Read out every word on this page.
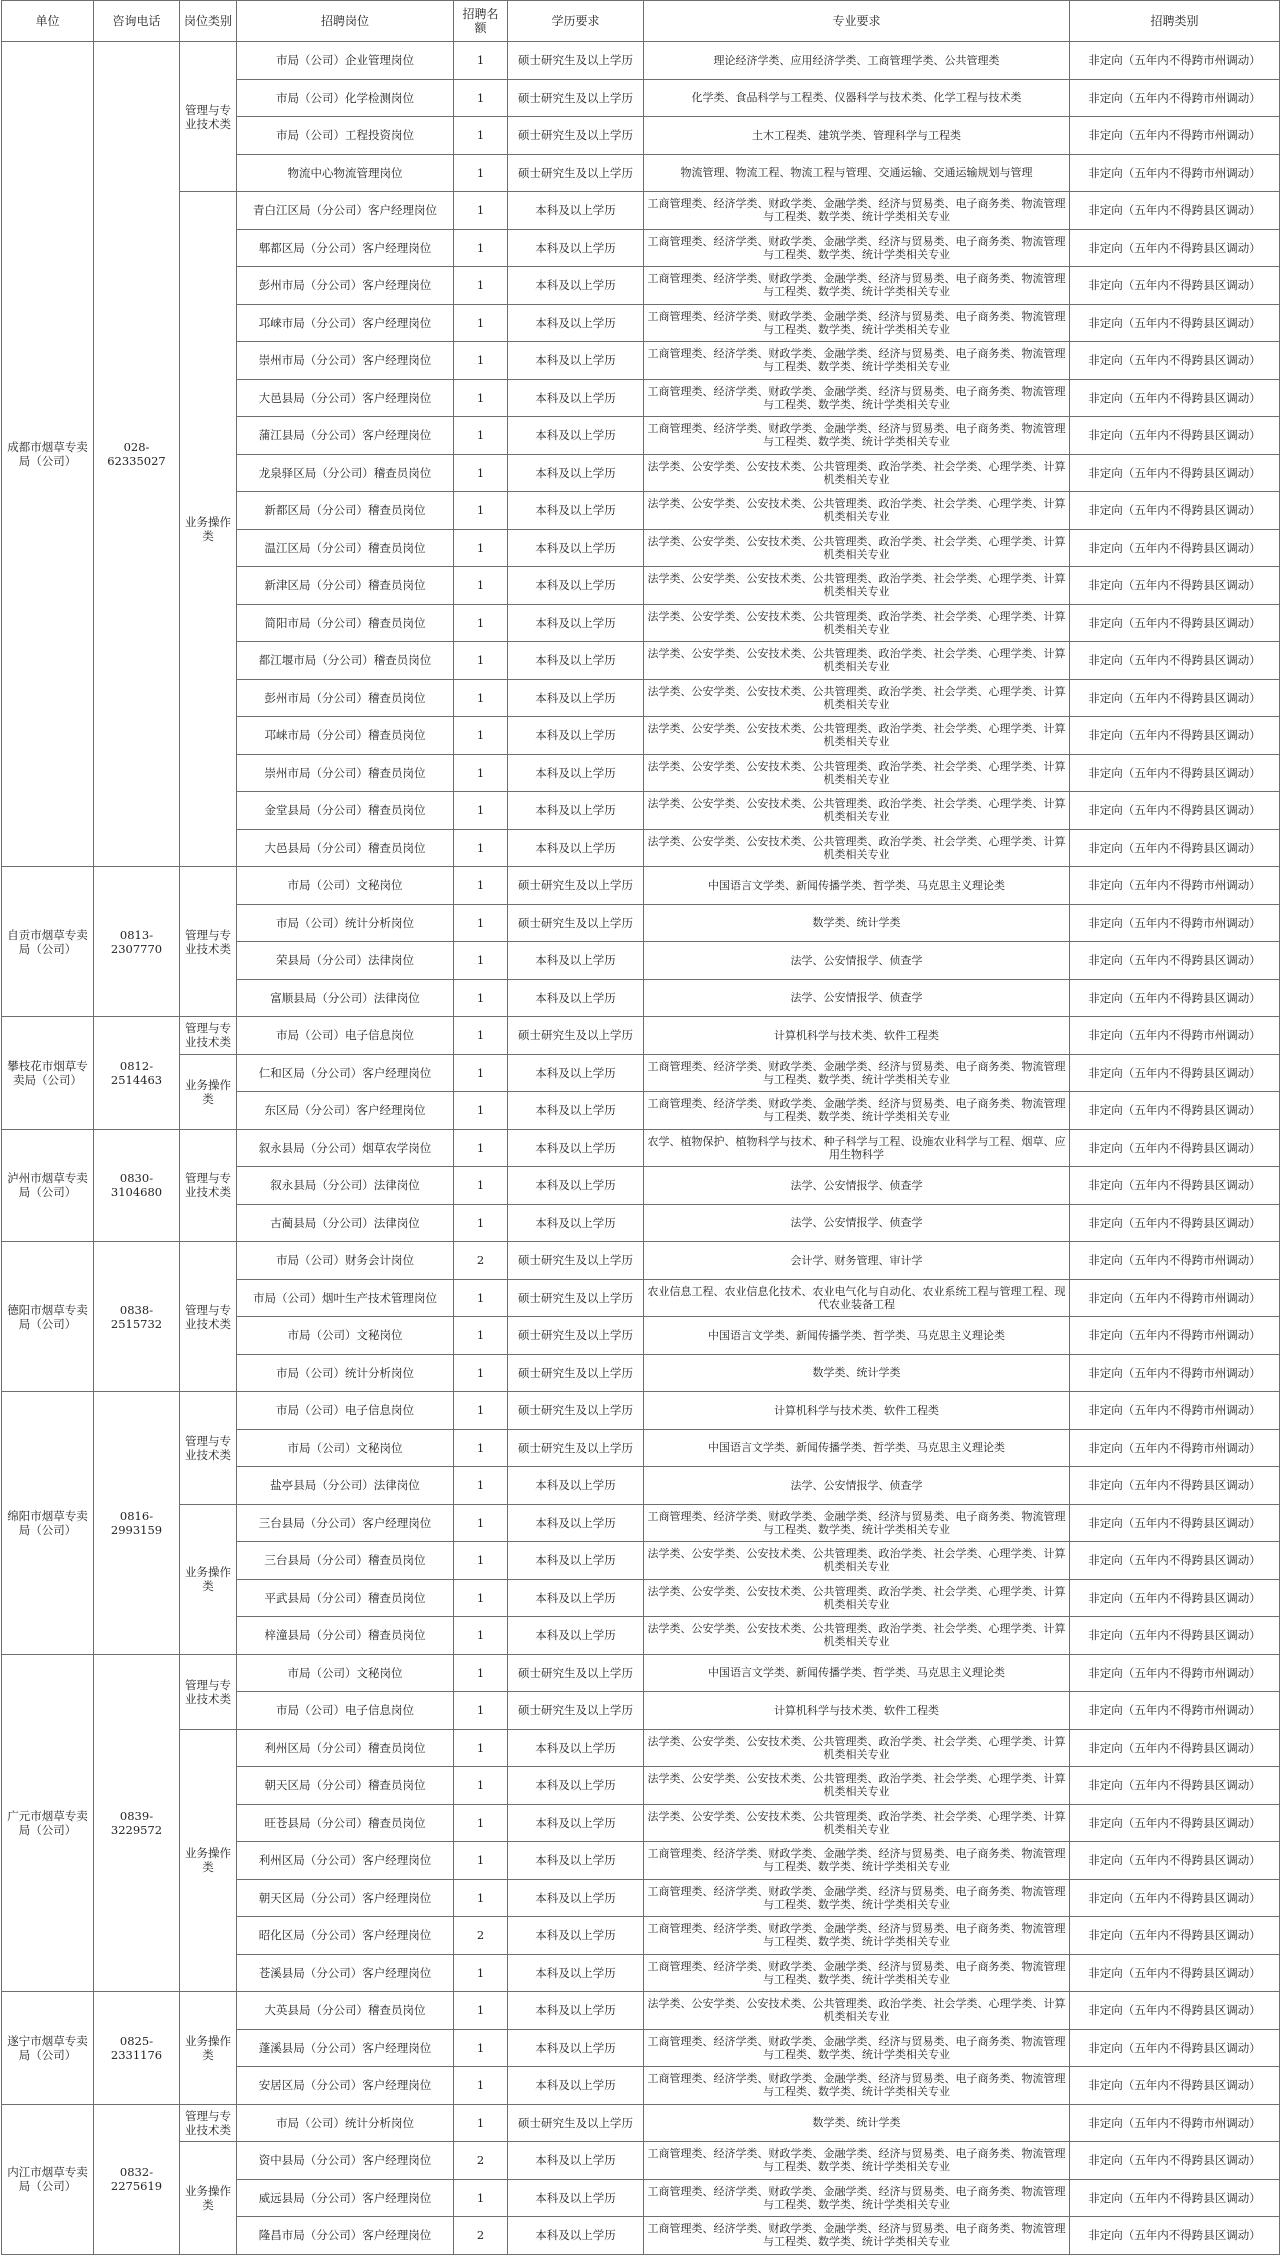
单位	咨询电话	岗位类别	招聘岗位	招聘名额	学历要求	专业要求	招聘类别
成都市烟草专卖局（公司）	028-62335027	管理与专业技术类	市局（公司）企业管理岗位	1	硕士研究生及以上学历	理论经济学类、应用经济学类、工商管理学类、公共管理类	非定向（五年内不得跨市州调动）
			市局（公司）化学检测岗位	1	硕士研究生及以上学历	化学类、食品科学与工程类、仪器科学与技术类、化学工程与技术类	非定向（五年内不得跨市州调动）
			市局（公司）工程投资岗位	1	硕士研究生及以上学历	土木工程类、建筑学类、管理科学与工程类	非定向（五年内不得跨市州调动）
			物流中心物流管理岗位	1	硕士研究生及以上学历	物流管理、物流工程、物流工程与管理、交通运输、交通运输规划与管理	非定向（五年内不得跨市州调动）
		业务操作类	青白江区局（分公司）客户经理岗位	1	本科及以上学历	工商管理类、经济学类、财政学类、金融学类、经济与贸易类、电子商务类、物流管理与工程类、数学类、统计学类相关专业	非定向（五年内不得跨县区调动）
			郫都区局（分公司）客户经理岗位	1	本科及以上学历	工商管理类、经济学类、财政学类、金融学类、经济与贸易类、电子商务类、物流管理与工程类、数学类、统计学类相关专业	非定向（五年内不得跨县区调动）
			彭州市局（分公司）客户经理岗位	1	本科及以上学历	工商管理类、经济学类、财政学类、金融学类、经济与贸易类、电子商务类、物流管理与工程类、数学类、统计学类相关专业	非定向（五年内不得跨县区调动）
			邛崃市局（分公司）客户经理岗位	1	本科及以上学历	工商管理类、经济学类、财政学类、金融学类、经济与贸易类、电子商务类、物流管理与工程类、数学类、统计学类相关专业	非定向（五年内不得跨县区调动）
			崇州市局（分公司）客户经理岗位	1	本科及以上学历	工商管理类、经济学类、财政学类、金融学类、经济与贸易类、电子商务类、物流管理与工程类、数学类、统计学类相关专业	非定向（五年内不得跨县区调动）
			大邑县局（分公司）客户经理岗位	1	本科及以上学历	工商管理类、经济学类、财政学类、金融学类、经济与贸易类、电子商务类、物流管理与工程类、数学类、统计学类相关专业	非定向（五年内不得跨县区调动）
			蒲江县局（分公司）客户经理岗位	1	本科及以上学历	工商管理类、经济学类、财政学类、金融学类、经济与贸易类、电子商务类、物流管理与工程类、数学类、统计学类相关专业	非定向（五年内不得跨县区调动）
			龙泉驿区局（分公司）稽查员岗位	1	本科及以上学历	法学类、公安学类、公安技术类、公共管理类、政治学类、社会学类、心理学类、计算机类相关专业	非定向（五年内不得跨县区调动）
			新都区局（分公司）稽查员岗位	1	本科及以上学历	法学类、公安学类、公安技术类、公共管理类、政治学类、社会学类、心理学类、计算机类相关专业	非定向（五年内不得跨县区调动）
			温江区局（分公司）稽查员岗位	1	本科及以上学历	法学类、公安学类、公安技术类、公共管理类、政治学类、社会学类、心理学类、计算机类相关专业	非定向（五年内不得跨县区调动）
			新津区局（分公司）稽查员岗位	1	本科及以上学历	法学类、公安学类、公安技术类、公共管理类、政治学类、社会学类、心理学类、计算机类相关专业	非定向（五年内不得跨县区调动）
			简阳市局（分公司）稽查员岗位	1	本科及以上学历	法学类、公安学类、公安技术类、公共管理类、政治学类、社会学类、心理学类、计算机类相关专业	非定向（五年内不得跨县区调动）
			都江堰市局（分公司）稽查员岗位	1	本科及以上学历	法学类、公安学类、公安技术类、公共管理类、政治学类、社会学类、心理学类、计算机类相关专业	非定向（五年内不得跨县区调动）
			彭州市局（分公司）稽查员岗位	1	本科及以上学历	法学类、公安学类、公安技术类、公共管理类、政治学类、社会学类、心理学类、计算机类相关专业	非定向（五年内不得跨县区调动）
			邛崃市局（分公司）稽查员岗位	1	本科及以上学历	法学类、公安学类、公安技术类、公共管理类、政治学类、社会学类、心理学类、计算机类相关专业	非定向（五年内不得跨县区调动）
			崇州市局（分公司）稽查员岗位	1	本科及以上学历	法学类、公安学类、公安技术类、公共管理类、政治学类、社会学类、心理学类、计算机类相关专业	非定向（五年内不得跨县区调动）
			金堂县局（分公司）稽查员岗位	1	本科及以上学历	法学类、公安学类、公安技术类、公共管理类、政治学类、社会学类、心理学类、计算机类相关专业	非定向（五年内不得跨县区调动）
			大邑县局（分公司）稽查员岗位	1	本科及以上学历	法学类、公安学类、公安技术类、公共管理类、政治学类、社会学类、心理学类、计算机类相关专业	非定向（五年内不得跨县区调动）
自贡市烟草专卖局（公司）	0813-2307770	管理与专业技术类	市局（公司）文秘岗位	1	硕士研究生及以上学历	中国语言文学类、新闻传播学类、哲学类、马克思主义理论类	非定向（五年内不得跨市州调动）
			市局（公司）统计分析岗位	1	硕士研究生及以上学历	数学类、统计学类	非定向（五年内不得跨市州调动）
			荣县局（分公司）法律岗位	1	本科及以上学历	法学、公安情报学、侦查学	非定向（五年内不得跨县区调动）
			富顺县局（分公司）法律岗位	1	本科及以上学历	法学、公安情报学、侦查学	非定向（五年内不得跨县区调动）
攀枝花市烟草专卖局（公司）	0812-2514463	管理与专业技术类	市局（公司）电子信息岗位	1	硕士研究生及以上学历	计算机科学与技术类、软件工程类	非定向（五年内不得跨市州调动）
		业务操作类	仁和区局（分公司）客户经理岗位	1	本科及以上学历	工商管理类、经济学类、财政学类、金融学类、经济与贸易类、电子商务类、物流管理与工程类、数学类、统计学类相关专业	非定向（五年内不得跨县区调动）
			东区局（分公司）客户经理岗位	1	本科及以上学历	工商管理类、经济学类、财政学类、金融学类、经济与贸易类、电子商务类、物流管理与工程类、数学类、统计学类相关专业	非定向（五年内不得跨县区调动）
泸州市烟草专卖局（公司）	0830-3104680	管理与专业技术类	叙永县局（分公司）烟草农学岗位	1	本科及以上学历	农学、植物保护、植物科学与技术、种子科学与工程、设施农业科学与工程、烟草、应用生物科学	非定向（五年内不得跨县区调动）
			叙永县局（分公司）法律岗位	1	本科及以上学历	法学、公安情报学、侦查学	非定向（五年内不得跨县区调动）
			古蔺县局（分公司）法律岗位	1	本科及以上学历	法学、公安情报学、侦查学	非定向（五年内不得跨县区调动）
德阳市烟草专卖局（公司）	0838-2515732	管理与专业技术类	市局（公司）财务会计岗位	2	硕士研究生及以上学历	会计学、财务管理、审计学	非定向（五年内不得跨市州调动）
			市局（公司）烟叶生产技术管理岗位	1	硕士研究生及以上学历	农业信息工程、农业信息化技术、农业电气化与自动化、农业系统工程与管理工程、现代农业装备工程	非定向（五年内不得跨市州调动）
			市局（公司）文秘岗位	1	硕士研究生及以上学历	中国语言文学类、新闻传播学类、哲学类、马克思主义理论类	非定向（五年内不得跨市州调动）
			市局（公司）统计分析岗位	1	硕士研究生及以上学历	数学类、统计学类	非定向（五年内不得跨市州调动）
绵阳市烟草专卖局（公司）	0816-2993159	管理与专业技术类	市局（公司）电子信息岗位	1	硕士研究生及以上学历	计算机科学与技术类、软件工程类	非定向（五年内不得跨市州调动）
			市局（公司）文秘岗位	1	硕士研究生及以上学历	中国语言文学类、新闻传播学类、哲学类、马克思主义理论类	非定向（五年内不得跨市州调动）
			盐亭县局（分公司）法律岗位	1	本科及以上学历	法学、公安情报学、侦查学	非定向（五年内不得跨县区调动）
		业务操作类	三台县局（分公司）客户经理岗位	1	本科及以上学历	工商管理类、经济学类、财政学类、金融学类、经济与贸易类、电子商务类、物流管理与工程类、数学类、统计学类相关专业	非定向（五年内不得跨县区调动）
			三台县局（分公司）稽查员岗位	1	本科及以上学历	法学类、公安学类、公安技术类、公共管理类、政治学类、社会学类、心理学类、计算机类相关专业	非定向（五年内不得跨县区调动）
			平武县局（分公司）稽查员岗位	1	本科及以上学历	法学类、公安学类、公安技术类、公共管理类、政治学类、社会学类、心理学类、计算机类相关专业	非定向（五年内不得跨县区调动）
			梓潼县局（分公司）稽查员岗位	1	本科及以上学历	法学类、公安学类、公安技术类、公共管理类、政治学类、社会学类、心理学类、计算机类相关专业	非定向（五年内不得跨县区调动）
广元市烟草专卖局（公司）	0839-3229572	管理与专业技术类	市局（公司）文秘岗位	1	硕士研究生及以上学历	中国语言文学类、新闻传播学类、哲学类、马克思主义理论类	非定向（五年内不得跨市州调动）
			市局（公司）电子信息岗位	1	硕士研究生及以上学历	计算机科学与技术类、软件工程类	非定向（五年内不得跨市州调动）
		业务操作类	利州区局（分公司）稽查员岗位	1	本科及以上学历	法学类、公安学类、公安技术类、公共管理类、政治学类、社会学类、心理学类、计算机类相关专业	非定向（五年内不得跨县区调动）
			朝天区局（分公司）稽查员岗位	1	本科及以上学历	法学类、公安学类、公安技术类、公共管理类、政治学类、社会学类、心理学类、计算机类相关专业	非定向（五年内不得跨县区调动）
			旺苍县局（分公司）稽查员岗位	1	本科及以上学历	法学类、公安学类、公安技术类、公共管理类、政治学类、社会学类、心理学类、计算机类相关专业	非定向（五年内不得跨县区调动）
			利州区局（分公司）客户经理岗位	1	本科及以上学历	工商管理类、经济学类、财政学类、金融学类、经济与贸易类、电子商务类、物流管理与工程类、数学类、统计学类相关专业	非定向（五年内不得跨县区调动）
			朝天区局（分公司）客户经理岗位	1	本科及以上学历	工商管理类、经济学类、财政学类、金融学类、经济与贸易类、电子商务类、物流管理与工程类、数学类、统计学类相关专业	非定向（五年内不得跨县区调动）
			昭化区局（分公司）客户经理岗位	2	本科及以上学历	工商管理类、经济学类、财政学类、金融学类、经济与贸易类、电子商务类、物流管理与工程类、数学类、统计学类相关专业	非定向（五年内不得跨县区调动）
			苍溪县局（分公司）客户经理岗位	1	本科及以上学历	工商管理类、经济学类、财政学类、金融学类、经济与贸易类、电子商务类、物流管理与工程类、数学类、统计学类相关专业	非定向（五年内不得跨县区调动）
遂宁市烟草专卖局（公司）	0825-2331176	业务操作类	大英县局（分公司）稽查员岗位	1	本科及以上学历	法学类、公安学类、公安技术类、公共管理类、政治学类、社会学类、心理学类、计算机类相关专业	非定向（五年内不得跨县区调动）
			蓬溪县局（分公司）客户经理岗位	1	本科及以上学历	工商管理类、经济学类、财政学类、金融学类、经济与贸易类、电子商务类、物流管理与工程类、数学类、统计学类相关专业	非定向（五年内不得跨县区调动）
			安居区局（分公司）客户经理岗位	1	本科及以上学历	工商管理类、经济学类、财政学类、金融学类、经济与贸易类、电子商务类、物流管理与工程类、数学类、统计学类相关专业	非定向（五年内不得跨县区调动）
内江市烟草专卖局（公司）	0832-2275619	管理与专业技术类	市局（公司）统计分析岗位	1	硕士研究生及以上学历	数学类、统计学类	非定向（五年内不得跨市州调动）
		业务操作类	资中县局（分公司）客户经理岗位	2	本科及以上学历	工商管理类、经济学类、财政学类、金融学类、经济与贸易类、电子商务类、物流管理与工程类、数学类、统计学类相关专业	非定向（五年内不得跨县区调动）
			威远县局（分公司）客户经理岗位	1	本科及以上学历	工商管理类、经济学类、财政学类、金融学类、经济与贸易类、电子商务类、物流管理与工程类、数学类、统计学类相关专业	非定向（五年内不得跨县区调动）
			隆昌市局（分公司）客户经理岗位	2	本科及以上学历	工商管理类、经济学类、财政学类、金融学类、经济与贸易类、电子商务类、物流管理与工程类、数学类、统计学类相关专业	非定向（五年内不得跨县区调动）
